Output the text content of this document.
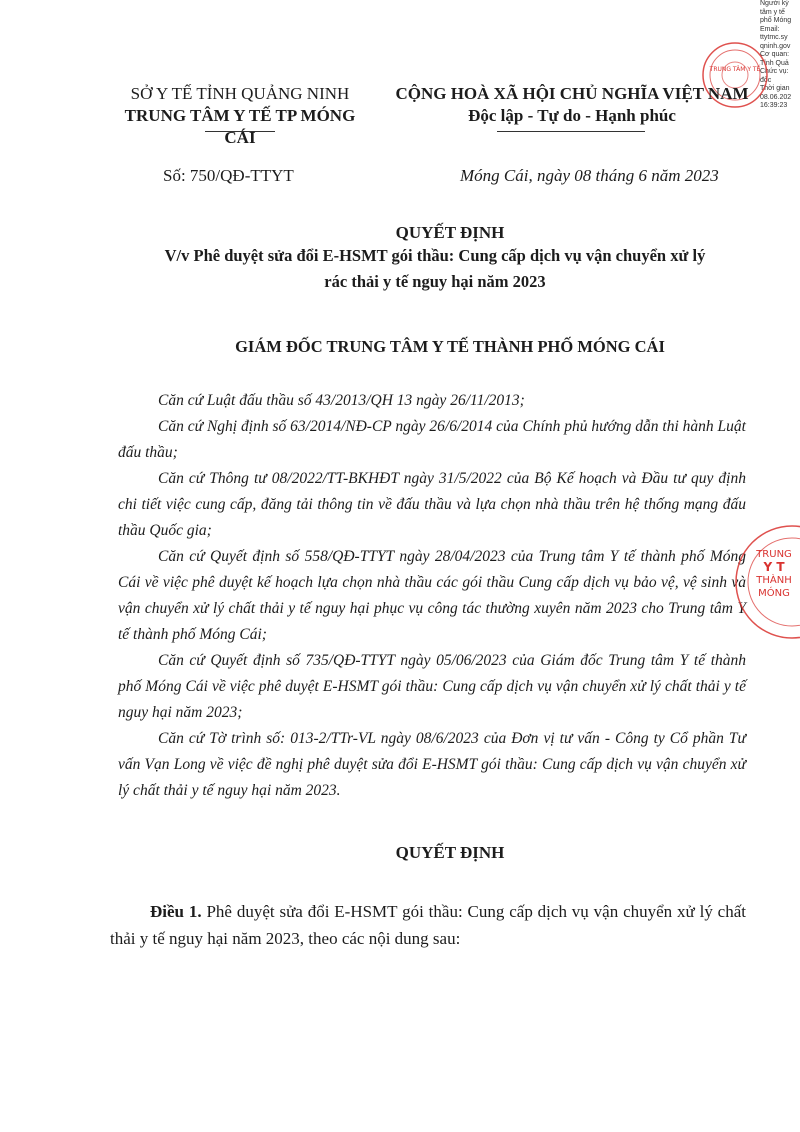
Người ký
tâm y tế
phố Móng
Email:
ttytmc.sy
qninh.gov
Cơ quan:
Tỉnh Quả
Chức vụ:
đốc
Thời gian
08.06.202
16:39:23
TRUNG TÂM Y TẾ
SỞ Y TẾ TỈNH QUẢNG NINH
TRUNG TÂM Y TẾ TP MÓNG CÁI
Số: 750/QĐ-TTYT
CỘNG HOÀ XÃ HỘI CHỦ NGHĨA VIỆT NAM
Độc lập - Tự do - Hạnh phúc
Móng Cái, ngày 08 tháng 6 năm 2023
QUYẾT ĐỊNH
V/v Phê duyệt sửa đổi E-HSMT gói thầu: Cung cấp dịch vụ vận chuyển xử lý
rác thải y tế nguy hại năm 2023
GIÁM ĐỐC TRUNG TÂM Y TẾ THÀNH PHỐ MÓNG CÁI

Căn cứ Luật đấu thầu số 43/2013/QH 13 ngày 26/11/2013;

Căn cứ Nghị định số 63/2014/NĐ-CP ngày 26/6/2014 của Chính phủ hướng dẫn thi hành Luật đấu thầu;

Căn cứ Thông tư 08/2022/TT-BKHĐT ngày 31/5/2022 của Bộ Kế hoạch và Đầu tư quy định chi tiết việc cung cấp, đăng tải thông tin về đấu thầu và lựa chọn nhà thầu trên hệ thống mạng đấu thầu Quốc gia;

Căn cứ Quyết định số 558/QĐ-TTYT ngày 28/04/2023 của Trung tâm Y tế thành phố Móng Cái về việc phê duyệt kế hoạch lựa chọn nhà thầu các gói thầu Cung cấp dịch vụ bảo vệ, vệ sinh và vận chuyển xử lý chất thải y tế nguy hại phục vụ công tác thường xuyên năm 2023 cho Trung tâm Y tế thành phố Móng Cái;

Căn cứ Quyết định số 735/QĐ-TTYT ngày 05/06/2023 của Giám đốc Trung tâm Y tế thành phố Móng Cái về việc phê duyệt E-HSMT gói thầu: Cung cấp dịch vụ vận chuyển xử lý chất thải y tế nguy hại năm 2023;

Căn cứ Tờ trình số: 013-2/TTr-VL ngày 08/6/2023 của Đơn vị tư vấn - Công ty Cổ phần Tư vấn Vạn Long về việc đề nghị phê duyệt sửa đổi E-HSMT gói thầu: Cung cấp dịch vụ vận chuyển xử lý chất thải y tế nguy hại năm 2023.

TRUNG
Y T
THÀNH
MÓNG
QUYẾT ĐỊNH

Điều 1. Phê duyệt sửa đổi E-HSMT gói thầu: Cung cấp dịch vụ vận chuyển xử lý chất thải y tế nguy hại năm 2023, theo các nội dung sau:
